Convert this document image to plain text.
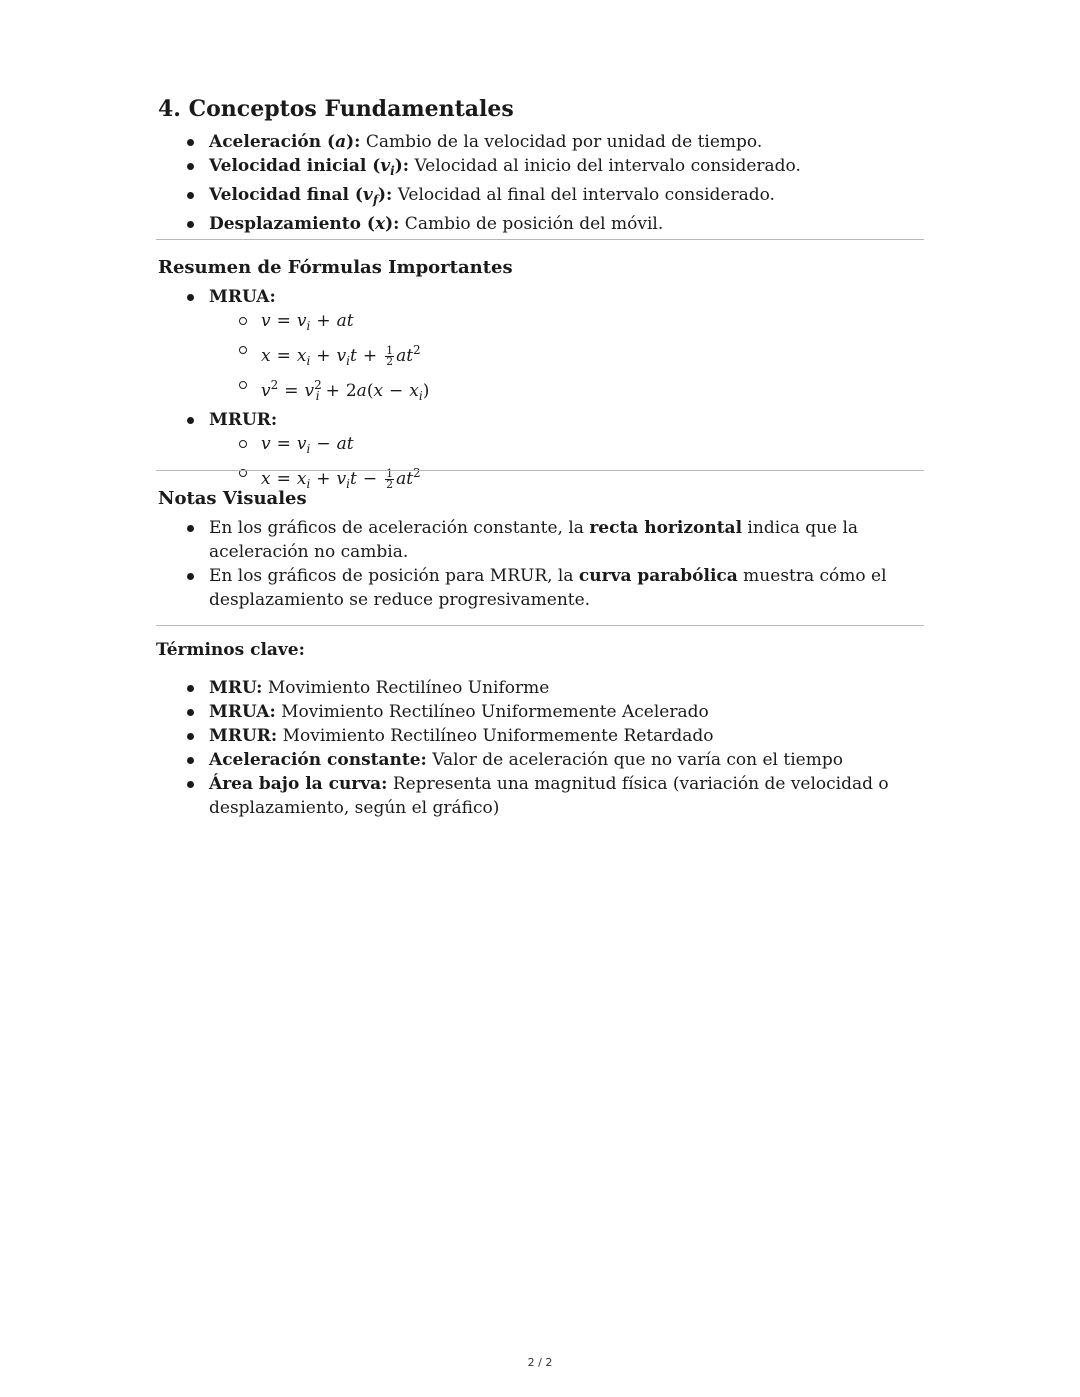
4. Conceptos Fundamentales
Aceleración (a): Cambio de la velocidad por unidad de tiempo.
Velocidad inicial $(v_i)$: Velocidad al inicio del intervalo considerado.
Velocidad final $(v_f)$: Velocidad al final del intervalo considerado.
Desplazamiento (x): Cambio de posición del móvil.
Resumen de Fórmulas Importantes
MRUA:
$v = v_i$ + at
$x = x_i + v_it + \frac{1}{2} at^2$
$v^2 = v^2_i + 2a(x - x_i)$
MRUR:
$v = v_i$ − at
$x = x_i + v_it - \frac{1}{2} at^2$
Notas Visuales
En los gráficos de aceleración constante, la recta horizontal indica que la aceleración no cambia.
En los gráficos de posición para MRUR, la curva parabólica muestra cómo el desplazamiento se reduce progresivamente.
Términos clave:
MRU: Movimiento Rectilíneo Uniforme
MRUA: Movimiento Rectilíneo Uniformemente Acelerado
MRUR: Movimiento Rectilíneo Uniformemente Retardado
Aceleración constante: Valor de aceleración que no varía con el tiempo
Área bajo la curva: Representa una magnitud física (variación de velocidad o desplazamiento, según el gráfico)
2 / 2
